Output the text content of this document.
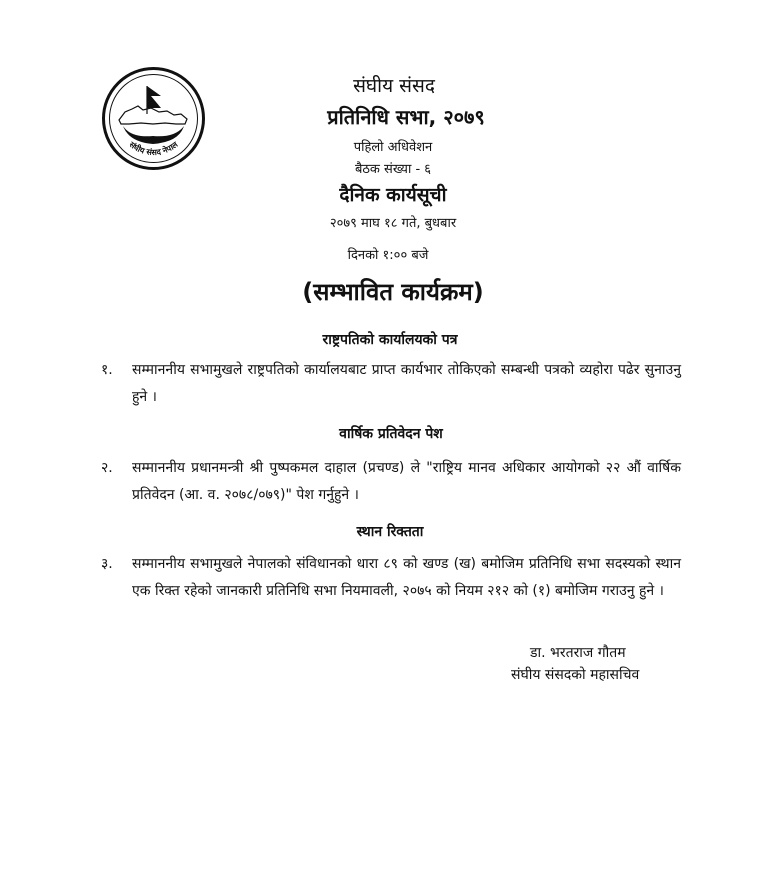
संघीय संसद नेपाल
संघीय संसद
प्रतिनिधि सभा, २०७९
पहिलो अधिवेशन
बैठक संख्या - ६
दैनिक कार्यसूची
२०७९ माघ १८ गते, बुधबार
दिनको १:०० बजे
(सम्भावित कार्यक्रम)
राष्ट्रपतिको कार्यालयको पत्र
१.	सम्माननीय सभामुखले राष्ट्रपतिको कार्यालयबाट प्राप्त कार्यभार तोकिएको सम्बन्धी पत्रको व्यहोरा पढेर सुनाउनु हुने ।
वार्षिक प्रतिवेदन पेश
२.	सम्माननीय प्रधानमन्त्री श्री पुष्पकमल दाहाल (प्रचण्ड) ले "राष्ट्रिय मानव अधिकार आयोगको २२ औं वार्षिक प्रतिवेदन (आ. व. २०७८/०७९)" पेश गर्नुहुने ।
स्थान रिक्तता
३.	सम्माननीय सभामुखले नेपालको संविधानको धारा ८९ को खण्ड (ख) बमोजिम प्रतिनिधि सभा सदस्यको स्थान एक रिक्त रहेको जानकारी प्रतिनिधि सभा नियमावली, २०७५ को नियम २१२ को (१) बमोजिम गराउनु हुने ।
डा. भरतराज गौतम
संघीय संसदको महासचिव
